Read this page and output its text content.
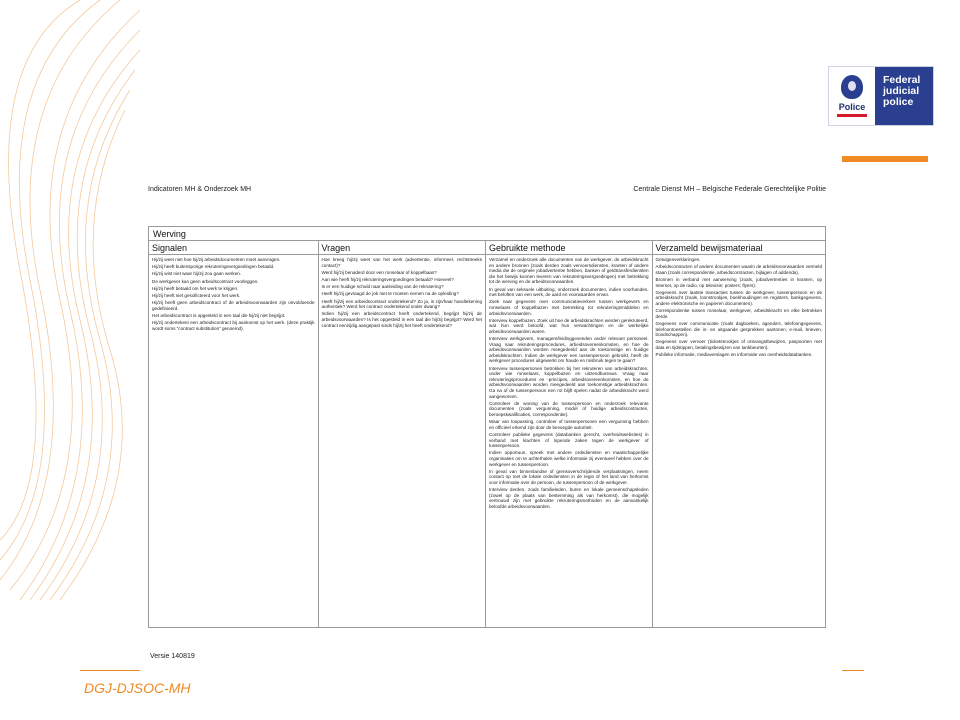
Police
Federal
judicial
police
Indicatoren MH & Onderzoek MH	Centrale Dienst MH – Belgische Federale Gerechtelijke Politie
Werving
Signalen

Hij/zij weet niet hoe hij/zij arbeidsdocumenten moet aanvragen.

Hij/zij heeft buitensporige rekruteringsvergoedingen betaald.

Hij/zij wist niet waar hij/zij zou gaan werken.

De werkgever kan geen arbeidscontract voorleggen.

Hij/zij heeft betaald om het werk te krijgen.

Hij/zij heeft niet gesollicteerd voor het werk.

Hij/zij heeft geen arbeidscontract of de arbeidsvoorwaarden zijn onvoldoende gedefinieerd.

Het arbeidscontract is opgesteld in een taal die hij/zij niet begrijpt.

Hij/zij ondertekent een arbeidscontract bij aankomst op het werk. (deze praktijk wordt soms “contract substitution” genoemd).

Vragen

Hoe kreeg hij/zij weet van het werk (advertentie, informeel, rechtstreeks contact)?

Werd hij/zij benaderd door een ronselaar of koppelbaas?

Aan wie heeft hij/zij rekruteringsvergoedingen betaald? Hoeveel?

Is er een huidige schuld naar aanleiding van de rekrutering?

Heeft hij/zij gevraagd de job niet te moeten nemen na de opleiding?

Heeft hij/zij een arbeidscontract ondertekend? Zo ja, is zijn/haar handtekening authentiek? Werd het contract ondertekend onder dwang?

Indien hij/zij een arbeidscontract heeft ondertekend, begrijpt hij/zij de arbeidsvoorwaarden? Is het opgesteld in een taal die hij/zij begrijpt? Werd het contract eenzijdig aangepast sinds hij/zij het heeft ondertekend?

Gebruikte methode

Verzamel en onderzoek alle documenten van de werkgever, de arbeidskracht en andere bronnen (zoals derden zoals vervoersdiensten, kranten of andere media die de originele jobadvertentie hebben, banken of geldtransferdiensten die het bewijs kunnen leveren van rekruteringsvergoedingen) met betrekking tot de werving en de arbeidsvoorwaarden.

In geval van seksuele uitbuiting, onderzoek documenten, indien voorhanden, met beloften van een werk, de aard en voorwaarden ervan.

Zoek naar gegevens over communicatieverkeer tussen werkgevers en ronselaars of koppelbazen met betrekking tot rekruteringsmiddelen en arbeidsvoorwaarden.

Interview koppelbazen. Zoek uit hoe de arbeidskrachten werden gerekruteerd, wat hun werd beloofd, wat hun verwachtingen en de werkelijke arbeidsvoorwaarden waren.

Interview werkgevers, managers/leidinggevenden ander relevant personeel. Vraag naar rekruteringsprocedures, arbeidsovereenkomsten, en hoe de arbeidsvoorwaarden worden meegedeeld aan de toekomstige en huidige arbeidskrachten. Indien de werkgever een tussenpersoon gebruikt, heeft de werkgever procedures uitgewerkt om fraude en misbruik tegen te gaan?

Interview tussenpersonen betrokken bij het rekruteren van arbeidskrachten, onder wie ronselaars, koppelbazen en uitzendbureaus. Vraag naar rekruteringsprocedures en -principes, arbeidsovereenkomsten, en hoe de arbeidsvoorwaarden worden meegedeeld aan toekomstige arbeidskrachten. Ga na of de tussenpersoon een rol blijft spelen nadat de arbeidskracht werd aangeworven.

Controleer de woning van de tussenpersoon en onderzoek relevante documenten (zoals vergunning, model of huidige arbeidscontracten, beroepskwalificaties, correspondentie).

Waar van toepassing, controleer of tussenpersonen een vergunning hebben en officieel erkend zijn door de bevoegde autoriteit.

Controleer publieke gegevens (databanken gerecht, overheidswebsites) in verband met klachten of lopende zaken tegen de werkgever of tussenpersoon.

Indien opportuun, spreek met andere ordediensten en maatschappelijke organisaties om te achterhalen welke informatie zij eventueel hebben over de werkgever en tussenpersoon.

In geval van binnenlandse of grensoverschrijdende verplaatsingen, neem contact op met de lokale ordediensten in de regio of het land van herkomst voor informatie over de persoon, de tussenpersoon of de werkgever.

Interview derden, zoals familieleden, buren en lokale gemeenschapsleden (zowel op de plaats van bestemming als van herkomst), die mogelijk vertrouwd zijn met gebruikte rekruteringsmethoden en de aanvankelijk beloofde arbeidsvoorwaarden.

Verzameld bewijsmateriaal

Getuigenverklaringen.

Arbeidscontracten of andere documenten waarin de arbeidsvoorwaarden vermeld staan (zoals correspondentie, arbeidscontracten, bijlagen of addenda).

Bronnen in verband met aanwerving (zoals, jobadvertenties in kranten, op Internet, op de radio, op televisie; posters; flyers).

Gegevens over laatste transacties tussen de werkgever, tussenpersoon en de arbeidskracht (zoals, loonstrookjes, boekhoudingen en registers, bankgegevens, andere elektronische en papieren documenten).

Correspondentie tussen ronselaar, werkgever, arbeidskracht en elke betrokken derde.

Gegevens over communicatie (zoals dagboeken, agenda's, telefoongegevens, telefoontoestellen die in- en uitgaande gesprekken aantonen, e-mail, brieven, boodschappen).

Gegevens over vervoer (ticketstrookjes of ontvangstbewijzen, paspoorten met data en tijdstippen, betalingsbewijzen van tankbeurten).

Publieke informatie, mediaverslagen en informatie van overheidsdatabanken.

Versie 140819
DGJ-DJSOC-MH
